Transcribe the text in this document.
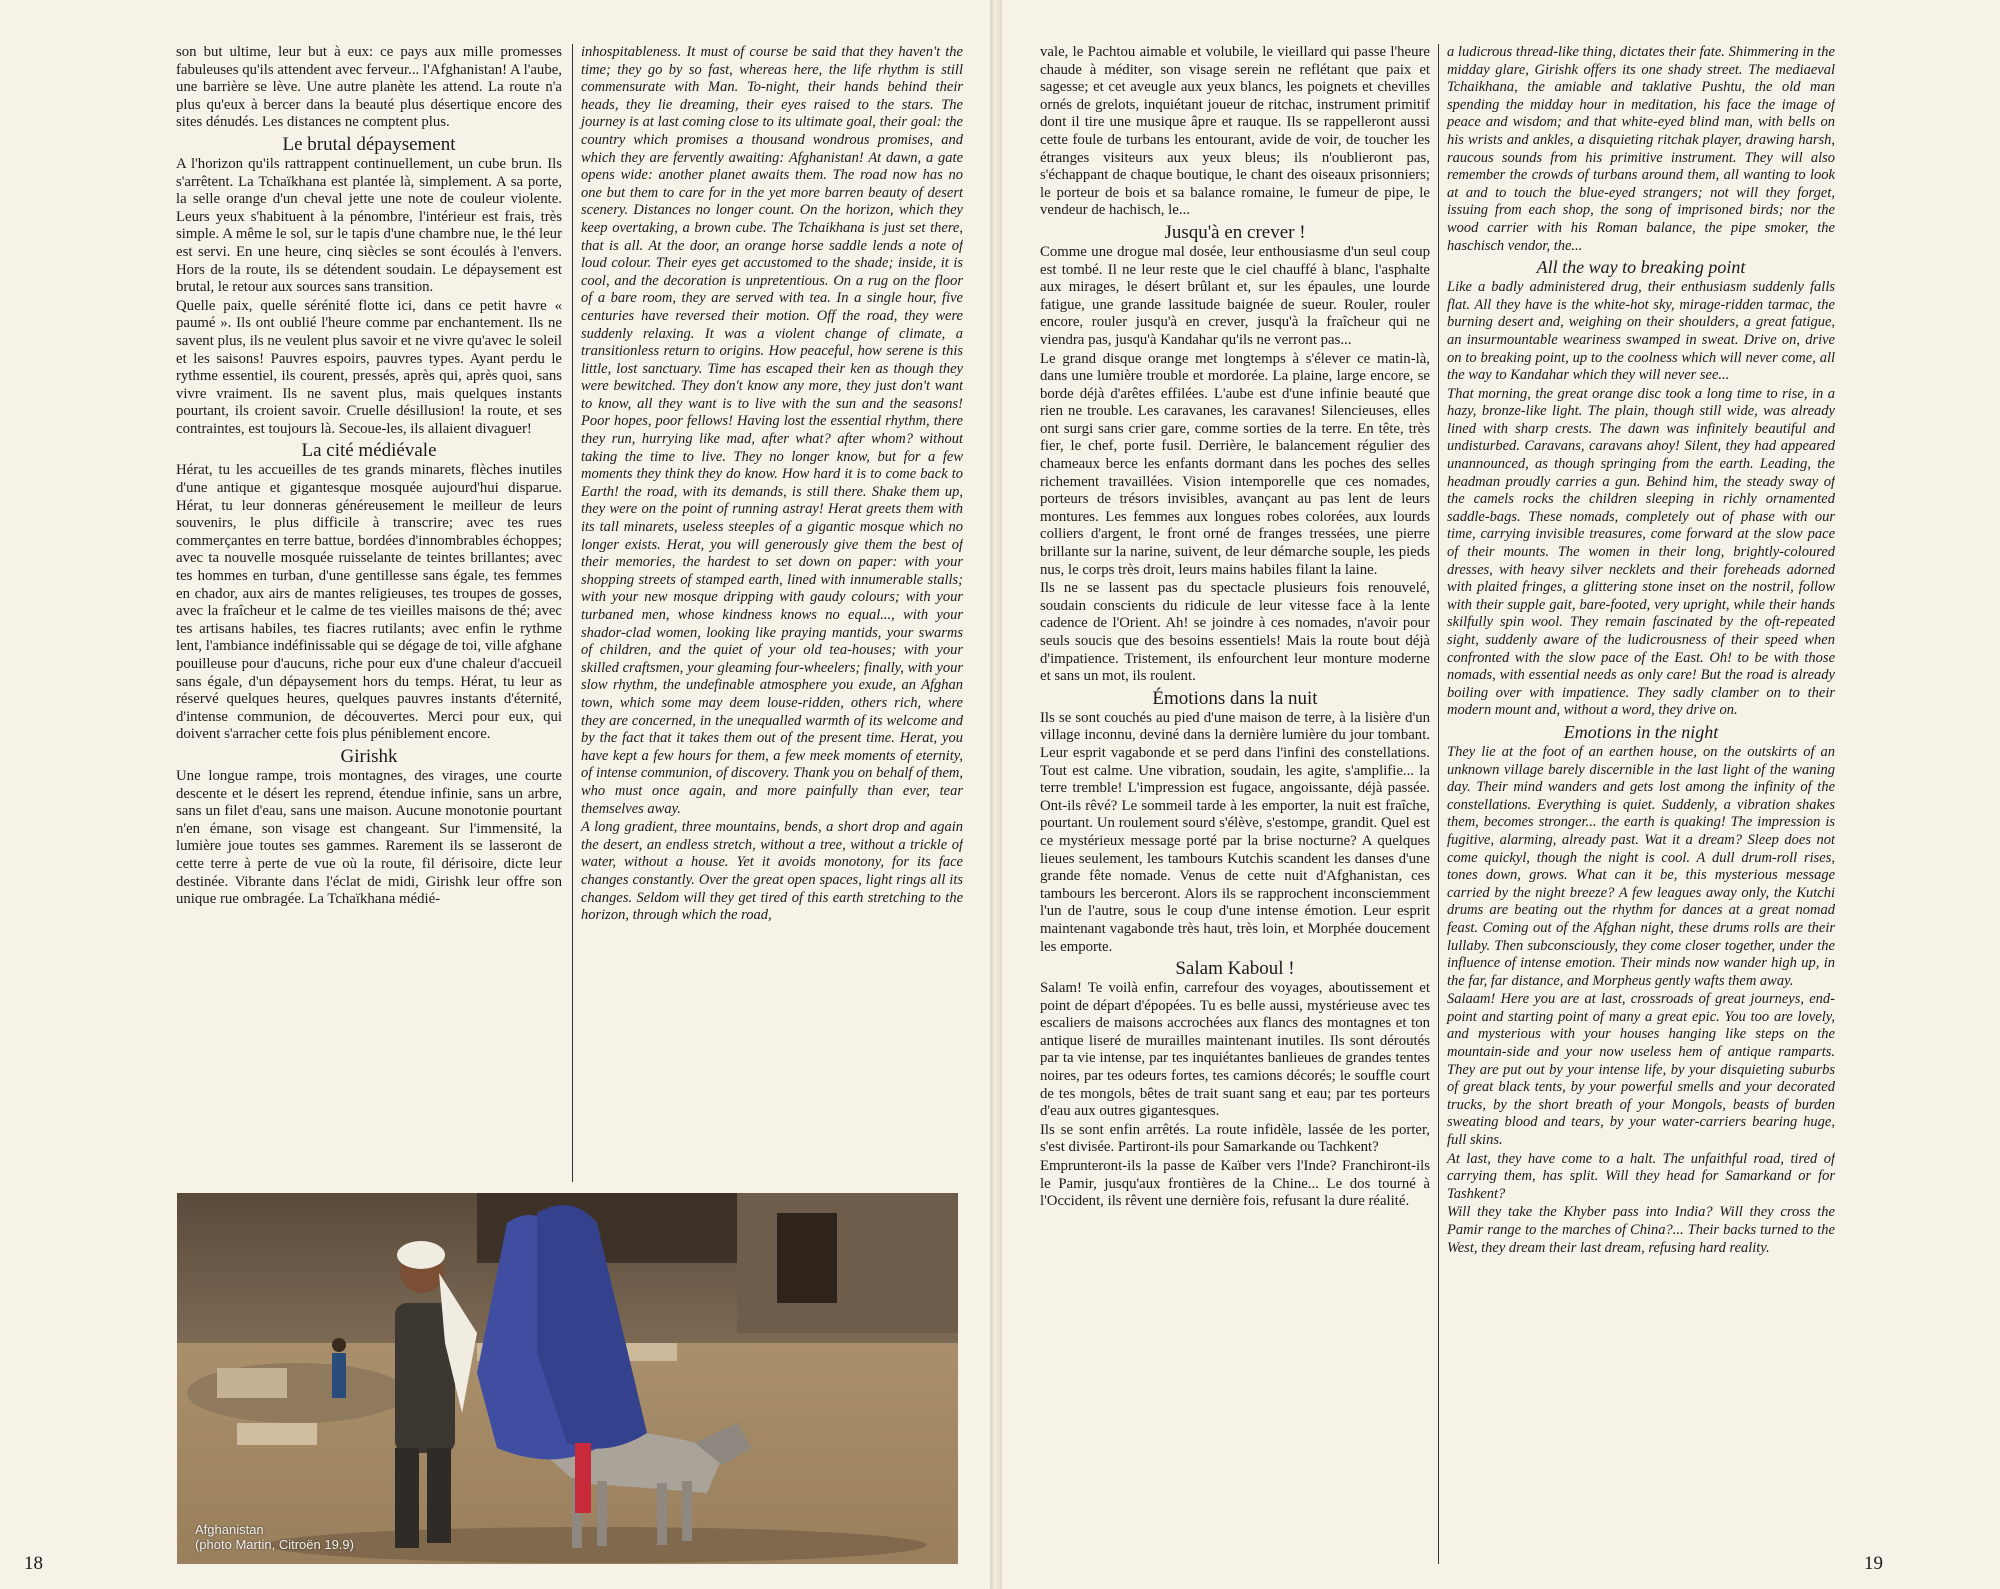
son but ultime, leur but à eux: ce pays aux mille promesses fabuleuses qu'ils attendent avec ferveur... l'Afghanistan! A l'aube, une barrière se lève. Une autre planète les attend. La route n'a plus qu'eux à bercer dans la beauté plus désertique encore des sites dénudés. Les distances ne comptent plus.

Le brutal dépaysement

A l'horizon qu'ils rattrappent continuellement, un cube brun. Ils s'arrêtent. La Tchaïkhana est plantée là, simplement. A sa porte, la selle orange d'un cheval jette une note de couleur violente. Leurs yeux s'habituent à la pénombre, l'intérieur est frais, très simple. A même le sol, sur le tapis d'une chambre nue, le thé leur est servi. En une heure, cinq siècles se sont écoulés à l'envers. Hors de la route, ils se détendent soudain. Le dépaysement est brutal, le retour aux sources sans transition.

Quelle paix, quelle sérénité flotte ici, dans ce petit havre « paumé ». Ils ont oublié l'heure comme par enchantement. Ils ne savent plus, ils ne veulent plus savoir et ne vivre qu'avec le soleil et les saisons! Pauvres espoirs, pauvres types. Ayant perdu le rythme essentiel, ils courent, pressés, après qui, après quoi, sans vivre vraiment. Ils ne savent plus, mais quelques instants pourtant, ils croient savoir. Cruelle désillusion! la route, et ses contraintes, est toujours là. Secoue-les, ils allaient divaguer!

La cité médiévale

Hérat, tu les accueilles de tes grands minarets, flèches inutiles d'une antique et gigantesque mosquée aujourd'hui disparue. Hérat, tu leur donneras généreusement le meilleur de leurs souvenirs, le plus difficile à transcrire; avec tes rues commerçantes en terre battue, bordées d'innombrables échoppes; avec ta nouvelle mosquée ruisselante de teintes brillantes; avec tes hommes en turban, d'une gentillesse sans égale, tes femmes en chador, aux airs de mantes religieuses, tes troupes de gosses, avec la fraîcheur et le calme de tes vieilles maisons de thé; avec tes artisans habiles, tes fiacres rutilants; avec enfin le rythme lent, l'ambiance indéfinissable qui se dégage de toi, ville afghane pouilleuse pour d'aucuns, riche pour eux d'une chaleur d'accueil sans égale, d'un dépaysement hors du temps. Hérat, tu leur as réservé quelques heures, quelques pauvres instants d'éternité, d'intense communion, de découvertes. Merci pour eux, qui doivent s'arracher cette fois plus péniblement encore.

Girishk

Une longue rampe, trois montagnes, des virages, une courte descente et le désert les reprend, étendue infinie, sans un arbre, sans un filet d'eau, sans une maison. Aucune monotonie pourtant n'en émane, son visage est changeant. Sur l'immensité, la lumière joue toutes ses gammes. Rarement ils se lasseront de cette terre à perte de vue où la route, fil dérisoire, dicte leur destinée. Vibrante dans l'éclat de midi, Girishk leur offre son unique rue ombragée. La Tchaïkhana médié-

inhospitableness. It must of course be said that they haven't the time; they go by so fast, whereas here, the life rhythm is still commensurate with Man. To-night, their hands behind their heads, they lie dreaming, their eyes raised to the stars. The journey is at last coming close to its ultimate goal, their goal: the country which promises a thousand wondrous promises, and which they are fervently awaiting: Afghanistan! At dawn, a gate opens wide: another planet awaits them. The road now has no one but them to care for in the yet more barren beauty of desert scenery. Distances no longer count. On the horizon, which they keep overtaking, a brown cube. The Tchaikhana is just set there, that is all. At the door, an orange horse saddle lends a note of loud colour. Their eyes get accustomed to the shade; inside, it is cool, and the decoration is unpretentious. On a rug on the floor of a bare room, they are served with tea. In a single hour, five centuries have reversed their motion. Off the road, they were suddenly relaxing. It was a violent change of climate, a transitionless return to origins. How peaceful, how serene is this little, lost sanctuary. Time has escaped their ken as though they were bewitched. They don't know any more, they just don't want to know, all they want is to live with the sun and the seasons! Poor hopes, poor fellows! Having lost the essential rhythm, there they run, hurrying like mad, after what? after whom? without taking the time to live. They no longer know, but for a few moments they think they do know. How hard it is to come back to Earth! the road, with its demands, is still there. Shake them up, they were on the point of running astray! Herat greets them with its tall minarets, useless steeples of a gigantic mosque which no longer exists. Herat, you will generously give them the best of their memories, the hardest to set down on paper: with your shopping streets of stamped earth, lined with innumerable stalls; with your new mosque dripping with gaudy colours; with your turbaned men, whose kindness knows no equal..., with your shador-clad women, looking like praying mantids, your swarms of children, and the quiet of your old tea-houses; with your skilled craftsmen, your gleaming four-wheelers; finally, with your slow rhythm, the undefinable atmosphere you exude, an Afghan town, which some may deem louse-ridden, others rich, where they are concerned, in the unequalled warmth of its welcome and by the fact that it takes them out of the present time. Herat, you have kept a few hours for them, a few meek moments of eternity, of intense communion, of discovery. Thank you on behalf of them, who must once again, and more painfully than ever, tear themselves away.

A long gradient, three mountains, bends, a short drop and again the desert, an endless stretch, without a tree, without a trickle of water, without a house. Yet it avoids monotony, for its face changes constantly. Over the great open spaces, light rings all its changes. Seldom will they get tired of this earth stretching to the horizon, through which the road,

Afghanistan
(photo Martin, Citroën 19.9)
18

vale, le Pachtou aimable et volubile, le vieillard qui passe l'heure chaude à méditer, son visage serein ne reflétant que paix et sagesse; et cet aveugle aux yeux blancs, les poignets et chevilles ornés de grelots, inquiétant joueur de ritchac, instrument primitif dont il tire une musique âpre et rauque. Ils se rappelleront aussi cette foule de turbans les entourant, avide de voir, de toucher les étranges visiteurs aux yeux bleus; ils n'oublieront pas, s'échappant de chaque boutique, le chant des oiseaux prisonniers; le porteur de bois et sa balance romaine, le fumeur de pipe, le vendeur de hachisch, le...

Jusqu'à en crever !

Comme une drogue mal dosée, leur enthousiasme d'un seul coup est tombé. Il ne leur reste que le ciel chauffé à blanc, l'asphalte aux mirages, le désert brûlant et, sur les épaules, une lourde fatigue, une grande lassitude baignée de sueur. Rouler, rouler encore, rouler jusqu'à en crever, jusqu'à la fraîcheur qui ne viendra pas, jusqu'à Kandahar qu'ils ne verront pas...

Le grand disque orange met longtemps à s'élever ce matin-là, dans une lumière trouble et mordorée. La plaine, large encore, se borde déjà d'arêtes effilées. L'aube est d'une infinie beauté que rien ne trouble. Les caravanes, les caravanes! Silencieuses, elles ont surgi sans crier gare, comme sorties de la terre. En tête, très fier, le chef, porte fusil. Derrière, le balancement régulier des chameaux berce les enfants dormant dans les poches des selles richement travaillées. Vision intemporelle que ces nomades, porteurs de trésors invisibles, avançant au pas lent de leurs montures. Les femmes aux longues robes colorées, aux lourds colliers d'argent, le front orné de franges tressées, une pierre brillante sur la narine, suivent, de leur démarche souple, les pieds nus, le corps très droit, leurs mains habiles filant la laine.

Ils ne se lassent pas du spectacle plusieurs fois renouvelé, soudain conscients du ridicule de leur vitesse face à la lente cadence de l'Orient. Ah! se joindre à ces nomades, n'avoir pour seuls soucis que des besoins essentiels! Mais la route bout déjà d'impatience. Tristement, ils enfourchent leur monture moderne et sans un mot, ils roulent.

Émotions dans la nuit

Ils se sont couchés au pied d'une maison de terre, à la lisière d'un village inconnu, deviné dans la dernière lumière du jour tombant. Leur esprit vagabonde et se perd dans l'infini des constellations. Tout est calme. Une vibration, soudain, les agite, s'amplifie... la terre tremble! L'impression est fugace, angoissante, déjà passée. Ont-ils rêvé? Le sommeil tarde à les emporter, la nuit est fraîche, pourtant. Un roulement sourd s'élève, s'estompe, grandit. Quel est ce mystérieux message porté par la brise nocturne? A quelques lieues seulement, les tambours Kutchis scandent les danses d'une grande fête nomade. Venus de cette nuit d'Afghanistan, ces tambours les berceront. Alors ils se rapprochent inconsciemment l'un de l'autre, sous le coup d'une intense émotion. Leur esprit maintenant vagabonde très haut, très loin, et Morphée doucement les emporte.

Salam Kaboul !

Salam! Te voilà enfin, carrefour des voyages, aboutissement et point de départ d'épopées. Tu es belle aussi, mystérieuse avec tes escaliers de maisons accrochées aux flancs des montagnes et ton antique liseré de murailles maintenant inutiles. Ils sont déroutés par ta vie intense, par tes inquiétantes banlieues de grandes tentes noires, par tes odeurs fortes, tes camions décorés; le souffle court de tes mongols, bêtes de trait suant sang et eau; par tes porteurs d'eau aux outres gigantesques.

Ils se sont enfin arrêtés. La route infidèle, lassée de les porter, s'est divisée. Partiront-ils pour Samarkande ou Tachkent?

Emprunteront-ils la passe de Kaïber vers l'Inde? Franchiront-ils le Pamir, jusqu'aux frontières de la Chine... Le dos tourné à l'Occident, ils rêvent une dernière fois, refusant la dure réalité.

a ludicrous thread-like thing, dictates their fate. Shimmering in the midday glare, Girishk offers its one shady street. The mediaeval Tchaikhana, the amiable and taklative Pushtu, the old man spending the midday hour in meditation, his face the image of peace and wisdom; and that white-eyed blind man, with bells on his wrists and ankles, a disquieting ritchak player, drawing harsh, raucous sounds from his primitive instrument. They will also remember the crowds of turbans around them, all wanting to look at and to touch the blue-eyed strangers; not will they forget, issuing from each shop, the song of imprisoned birds; nor the wood carrier with his Roman balance, the pipe smoker, the haschisch vendor, the...

All the way to breaking point

Like a badly administered drug, their enthusiasm suddenly falls flat. All they have is the white-hot sky, mirage-ridden tarmac, the burning desert and, weighing on their shoulders, a great fatigue, an insurmountable weariness swamped in sweat. Drive on, drive on to breaking point, up to the coolness which will never come, all the way to Kandahar which they will never see...

That morning, the great orange disc took a long time to rise, in a hazy, bronze-like light. The plain, though still wide, was already lined with sharp crests. The dawn was infinitely beautiful and undisturbed. Caravans, caravans ahoy! Silent, they had appeared unannounced, as though springing from the earth. Leading, the headman proudly carries a gun. Behind him, the steady sway of the camels rocks the children sleeping in richly ornamented saddle-bags. These nomads, completely out of phase with our time, carrying invisible treasures, come forward at the slow pace of their mounts. The women in their long, brightly-coloured dresses, with heavy silver necklets and their foreheads adorned with plaited fringes, a glittering stone inset on the nostril, follow with their supple gait, bare-footed, very upright, while their hands skilfully spin wool. They remain fascinated by the oft-repeated sight, suddenly aware of the ludicrousness of their speed when confronted with the slow pace of the East. Oh! to be with those nomads, with essential needs as only care! But the road is already boiling over with impatience. They sadly clamber on to their modern mount and, without a word, they drive on.

Emotions in the night

They lie at the foot of an earthen house, on the outskirts of an unknown village barely discernible in the last light of the waning day. Their mind wanders and gets lost among the infinity of the constellations. Everything is quiet. Suddenly, a vibration shakes them, becomes stronger... the earth is quaking! The impression is fugitive, alarming, already past. Wat it a dream? Sleep does not come quickyl, though the night is cool. A dull drum-roll rises, tones down, grows. What can it be, this mysterious message carried by the night breeze? A few leagues away only, the Kutchi drums are beating out the rhythm for dances at a great nomad feast. Coming out of the Afghan night, these drums rolls are their lullaby. Then subconsciously, they come closer together, under the influence of intense emotion. Their minds now wander high up, in the far, far distance, and Morpheus gently wafts them away.

Salaam! Here you are at last, crossroads of great journeys, end-point and starting point of many a great epic. You too are lovely, and mysterious with your houses hanging like steps on the mountain-side and your now useless hem of antique ramparts. They are put out by your intense life, by your disquieting suburbs of great black tents, by your powerful smells and your decorated trucks, by the short breath of your Mongols, beasts of burden sweating blood and tears, by your water-carriers bearing huge, full skins.

At last, they have come to a halt. The unfaithful road, tired of carrying them, has split. Will they head for Samarkand or for Tashkent?

Will they take the Khyber pass into India? Will they cross the Pamir range to the marches of China?... Their backs turned to the West, they dream their last dream, refusing hard reality.

19
